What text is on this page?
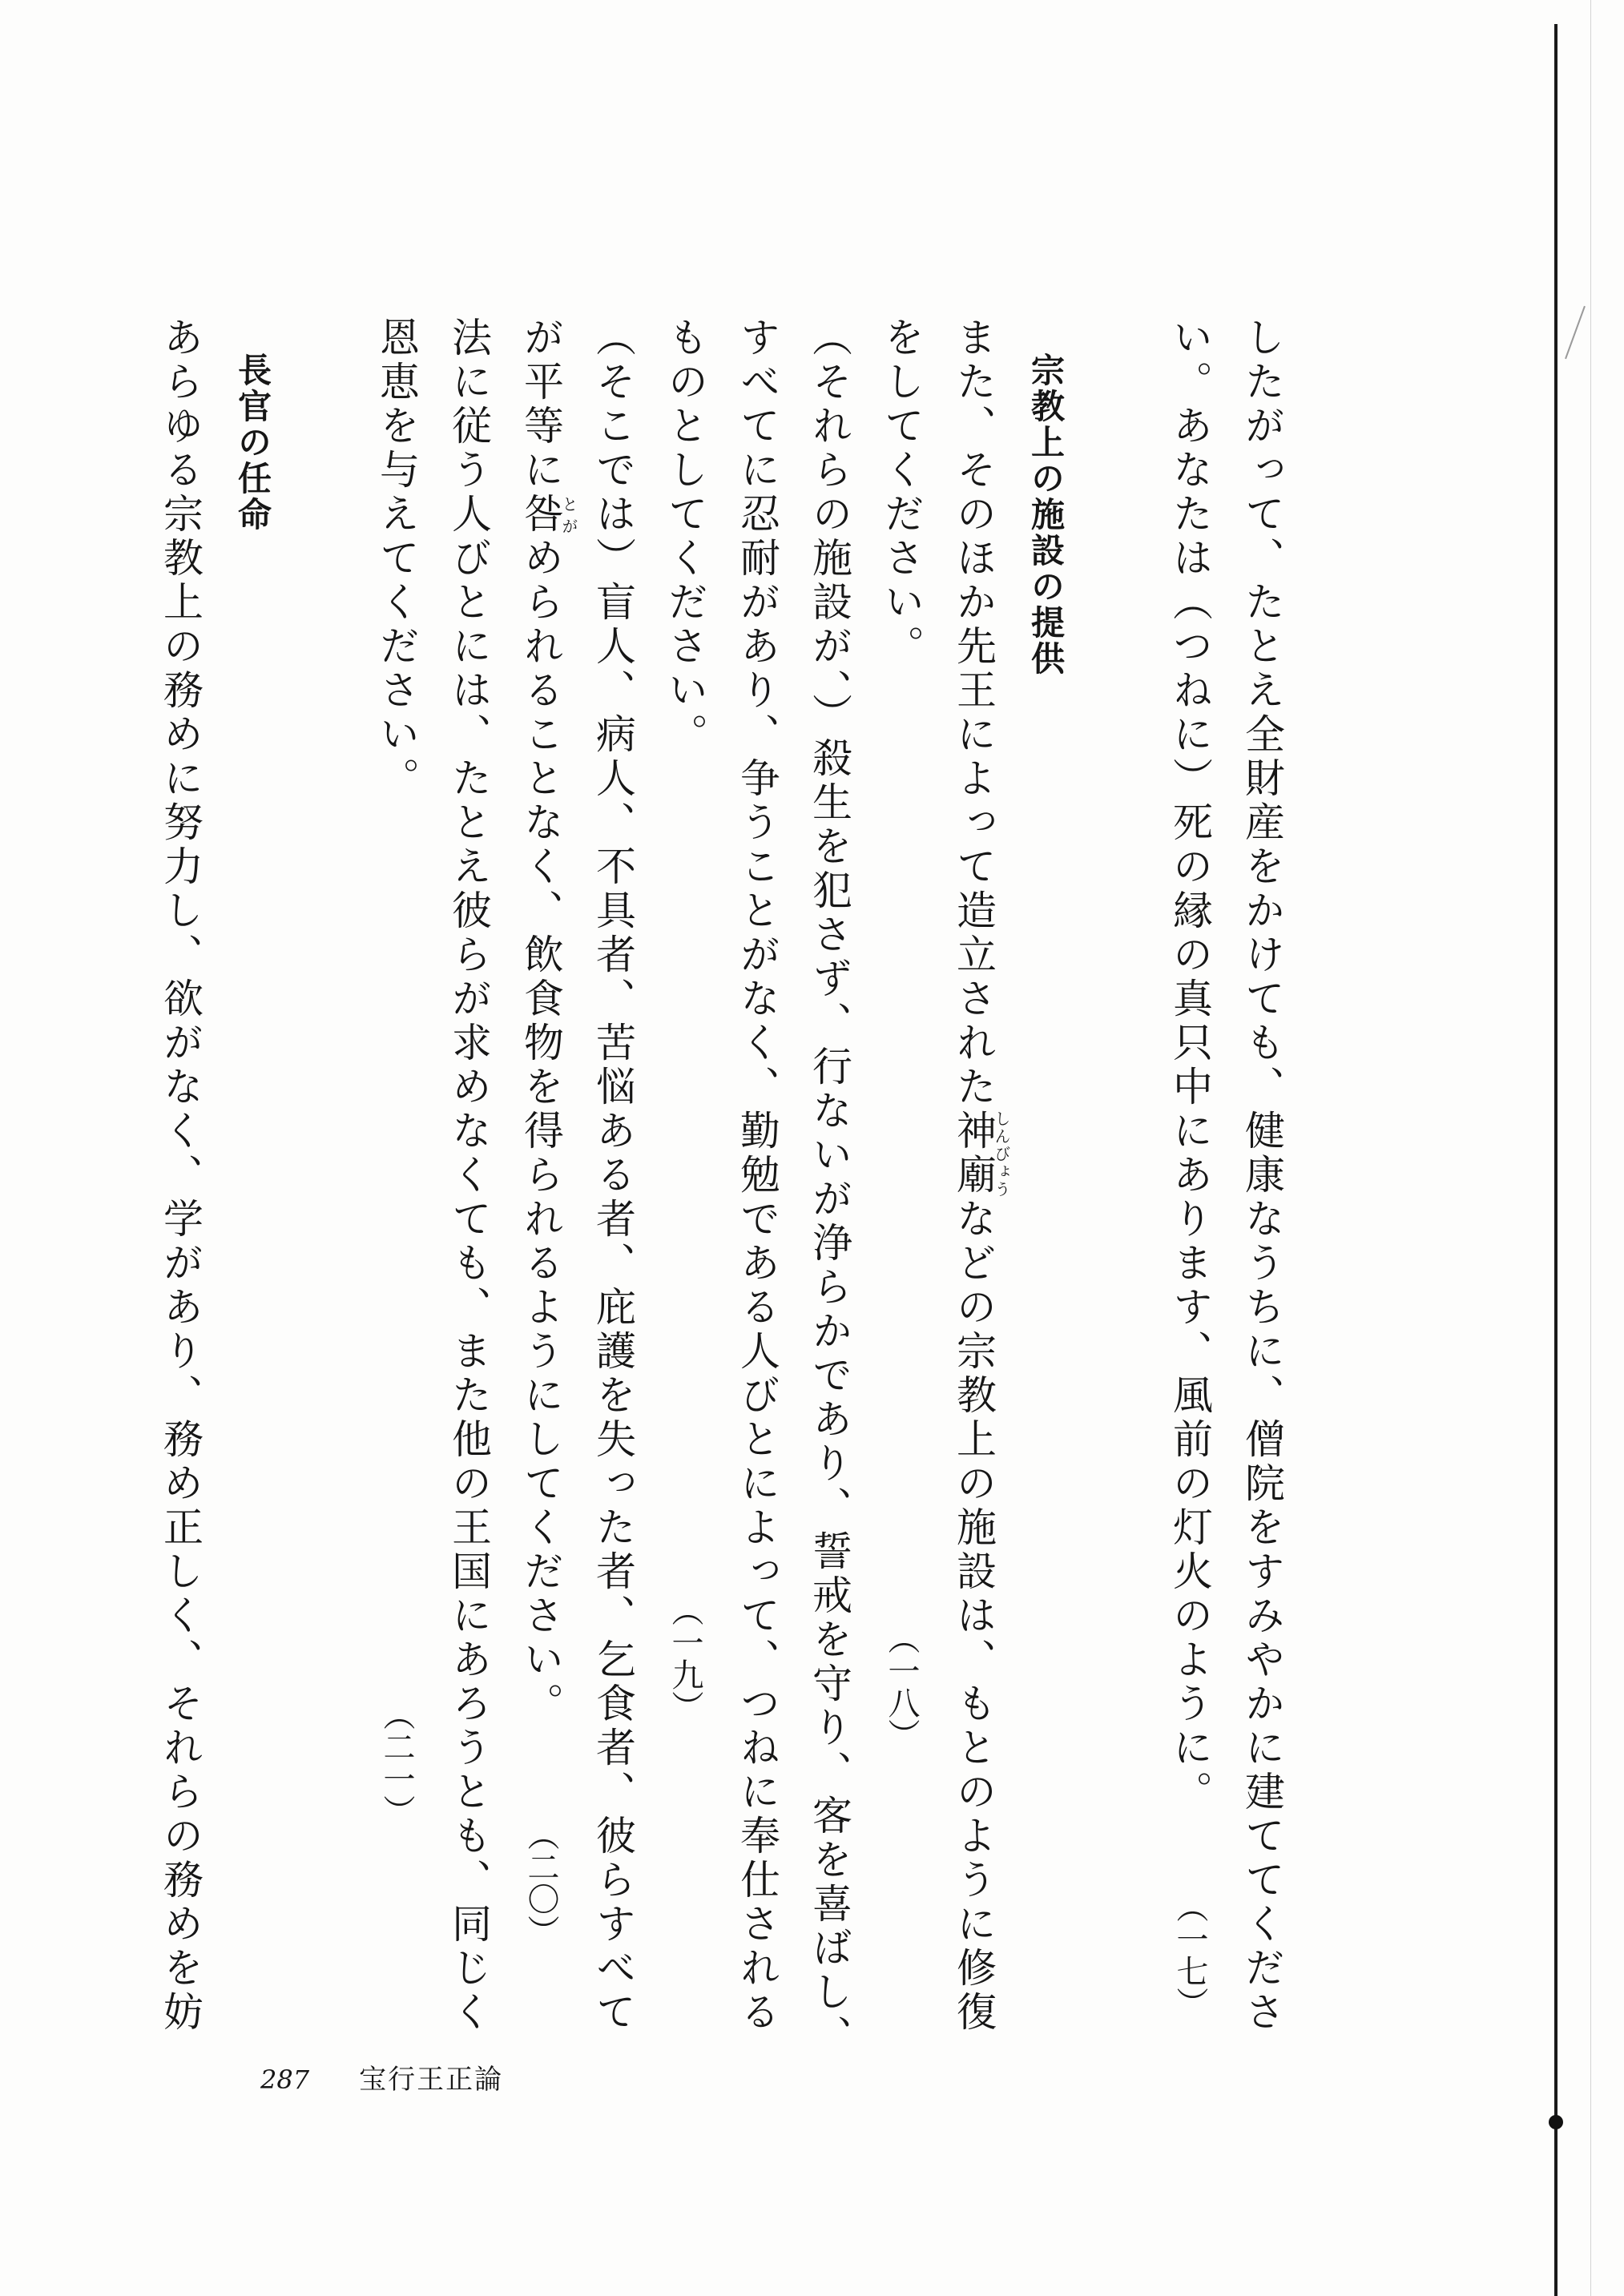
したがって、たとえ全財産をかけても、健康なうちに、僧院をすみやかに建ててくださ
い。あなたは（つねに）死の縁の真只中にあります、風前の灯火のように。（一七）
宗教上の施設の提供
また、そのほか先王によって造立された神廟しんびょうなどの宗教上の施設は、もとのように修復
をしてください。（一八）
（それらの施設が、）殺生を犯さず、行ないが浄らかであり、誓戒を守り、客を喜ばし、
すべてに忍耐があり、争うことがなく、勤勉である人びとによって、つねに奉仕される
ものとしてください。（一九）
（そこでは）盲人、病人、不具者、苦悩ある者、庇護を失った者、乞食者、彼らすべて
が平等に咎とがめられることなく、飲食物を得られるようにしてください。（二〇）
法に従う人びとには、たとえ彼らが求めなくても、また他の王国にあろうとも、同じく
恩恵を与えてください。（二一）
長官の任命
あらゆる宗教上の務めに努力し、欲がなく、学があり、務め正しく、それらの務めを妨
287 宝行王正論
